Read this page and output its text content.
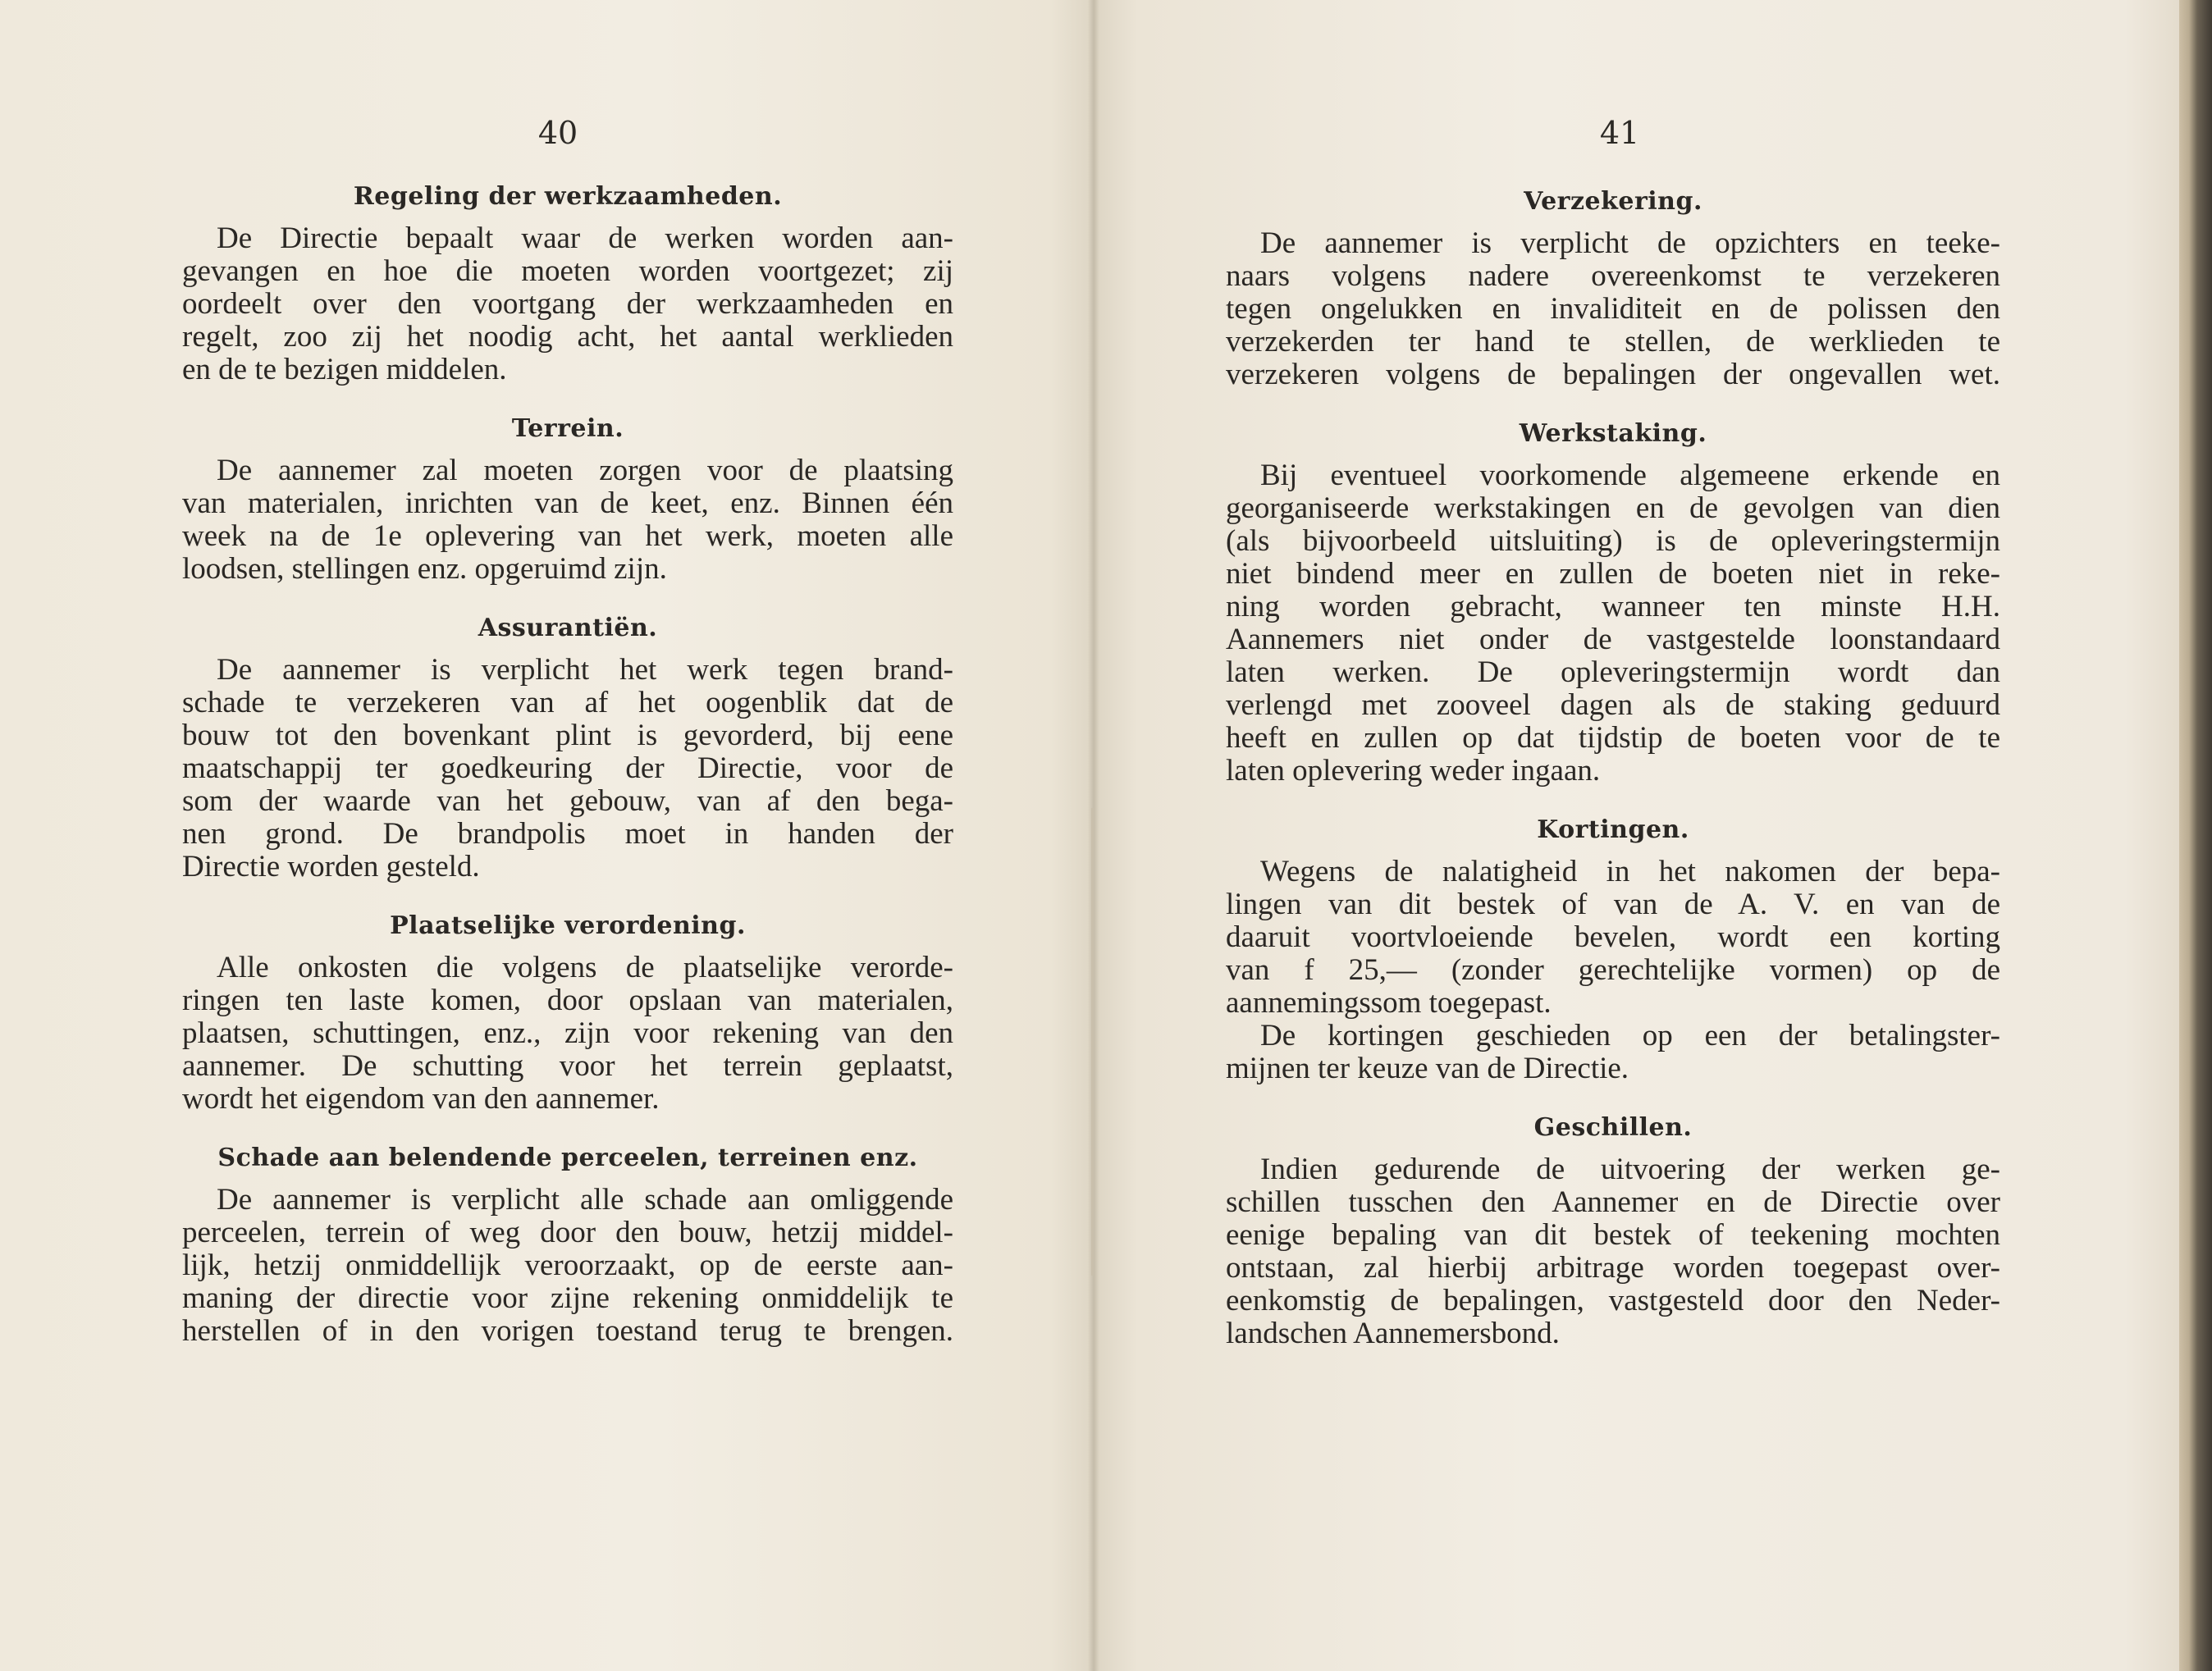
40
Regeling der werkzaamheden.

De Directie bepaalt waar de werken worden aan-
gevangen en hoe die moeten worden voortgezet; zij
oordeelt over den voortgang der werkzaamheden en
regelt, zoo zij het noodig acht, het aantal werklieden
en de te bezigen middelen.

Terrein.

De aannemer zal moeten zorgen voor de plaatsing
van materialen, inrichten van de keet, enz. Binnen één
week na de 1e oplevering van het werk, moeten alle
loodsen, stellingen enz. opgeruimd zijn.

Assurantiën.

De aannemer is verplicht het werk tegen brand-
schade te verzekeren van af het oogenblik dat de
bouw tot den bovenkant plint is gevorderd, bij eene
maatschappij ter goedkeuring der Directie, voor de
som der waarde van het gebouw, van af den bega-
nen grond. De brandpolis moet in handen der
Directie worden gesteld.

Plaatselijke verordening.

Alle onkosten die volgens de plaatselijke verorde-
ringen ten laste komen, door opslaan van materialen,
plaatsen, schuttingen, enz., zijn voor rekening van den
aannemer. De schutting voor het terrein geplaatst,
wordt het eigendom van den aannemer.

Schade aan belendende perceelen, terreinen enz.

De aannemer is verplicht alle schade aan omliggende
perceelen, terrein of weg door den bouw, hetzij middel-
lijk, hetzij onmiddellijk veroorzaakt, op de eerste aan-
maning der directie voor zijne rekening onmiddelijk te
herstellen of in den vorigen toestand terug te brengen.

41
Verzekering.

De aannemer is verplicht de opzichters en teeke-
naars volgens nadere overeenkomst te verzekeren
tegen ongelukken en invaliditeit en de polissen den
verzekerden ter hand te stellen, de werklieden te
verzekeren volgens de bepalingen der ongevallen wet.

Werkstaking.

Bij eventueel voorkomende algemeene erkende en
georganiseerde werkstakingen en de gevolgen van dien
(als bijvoorbeeld uitsluiting) is de opleveringstermijn
niet bindend meer en zullen de boeten niet in reke-
ning worden gebracht, wanneer ten minste H.H.
Aannemers niet onder de vastgestelde loonstandaard
laten werken. De opleveringstermijn wordt dan
verlengd met zooveel dagen als de staking geduurd
heeft en zullen op dat tijdstip de boeten voor de te
laten oplevering weder ingaan.

Kortingen.

Wegens de nalatigheid in het nakomen der bepa-
lingen van dit bestek of van de A. V. en van de
daaruit voortvloeiende bevelen, wordt een korting
van f 25,— (zonder gerechtelijke vormen) op de
aannemingssom toegepast.
De kortingen geschieden op een der betalingster-
mijnen ter keuze van de Directie.

Geschillen.

Indien gedurende de uitvoering der werken ge-
schillen tusschen den Aannemer en de Directie over
eenige bepaling van dit bestek of teekening mochten
ontstaan, zal hierbij arbitrage worden toegepast over-
eenkomstig de bepalingen, vastgesteld door den Neder-
landschen Aannemersbond.
